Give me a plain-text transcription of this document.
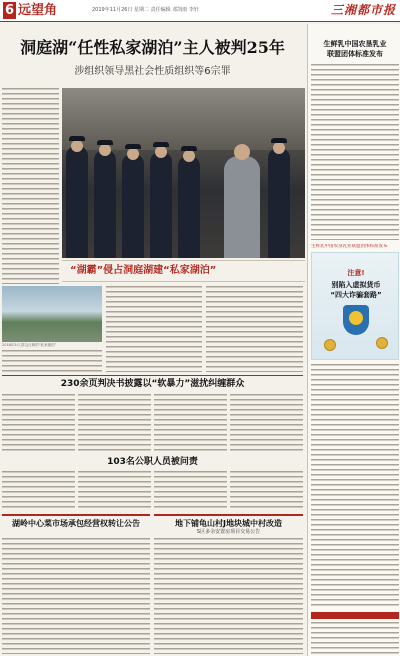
6 远望角	2019年11月26日 星期二 责任编辑 邓凯雨 李轩	三湘都市报
洞庭湖“任性私家湖泊”主人被判25年
涉组织领导黑社会性质组织等6宗罪
“湖霸”侵占洞庭湖建“私家湖泊”
2018年5月,群众反映的“私家湖泊”
230余页判决书披露以“软暴力”滋扰纠缠群众
103名公职人员被问责
湖岭中心菜市场承包经营权转让公告	地下铺龟山村J地块城中村改造
S区多余安置房项目交易公告
生鲜乳中国农垦乳业
联盟团体标准发布
生鲜乳中国农垦乳业联盟团体标准发布
注意!
别陷入虚拟货币
“四大诈骗套路”
